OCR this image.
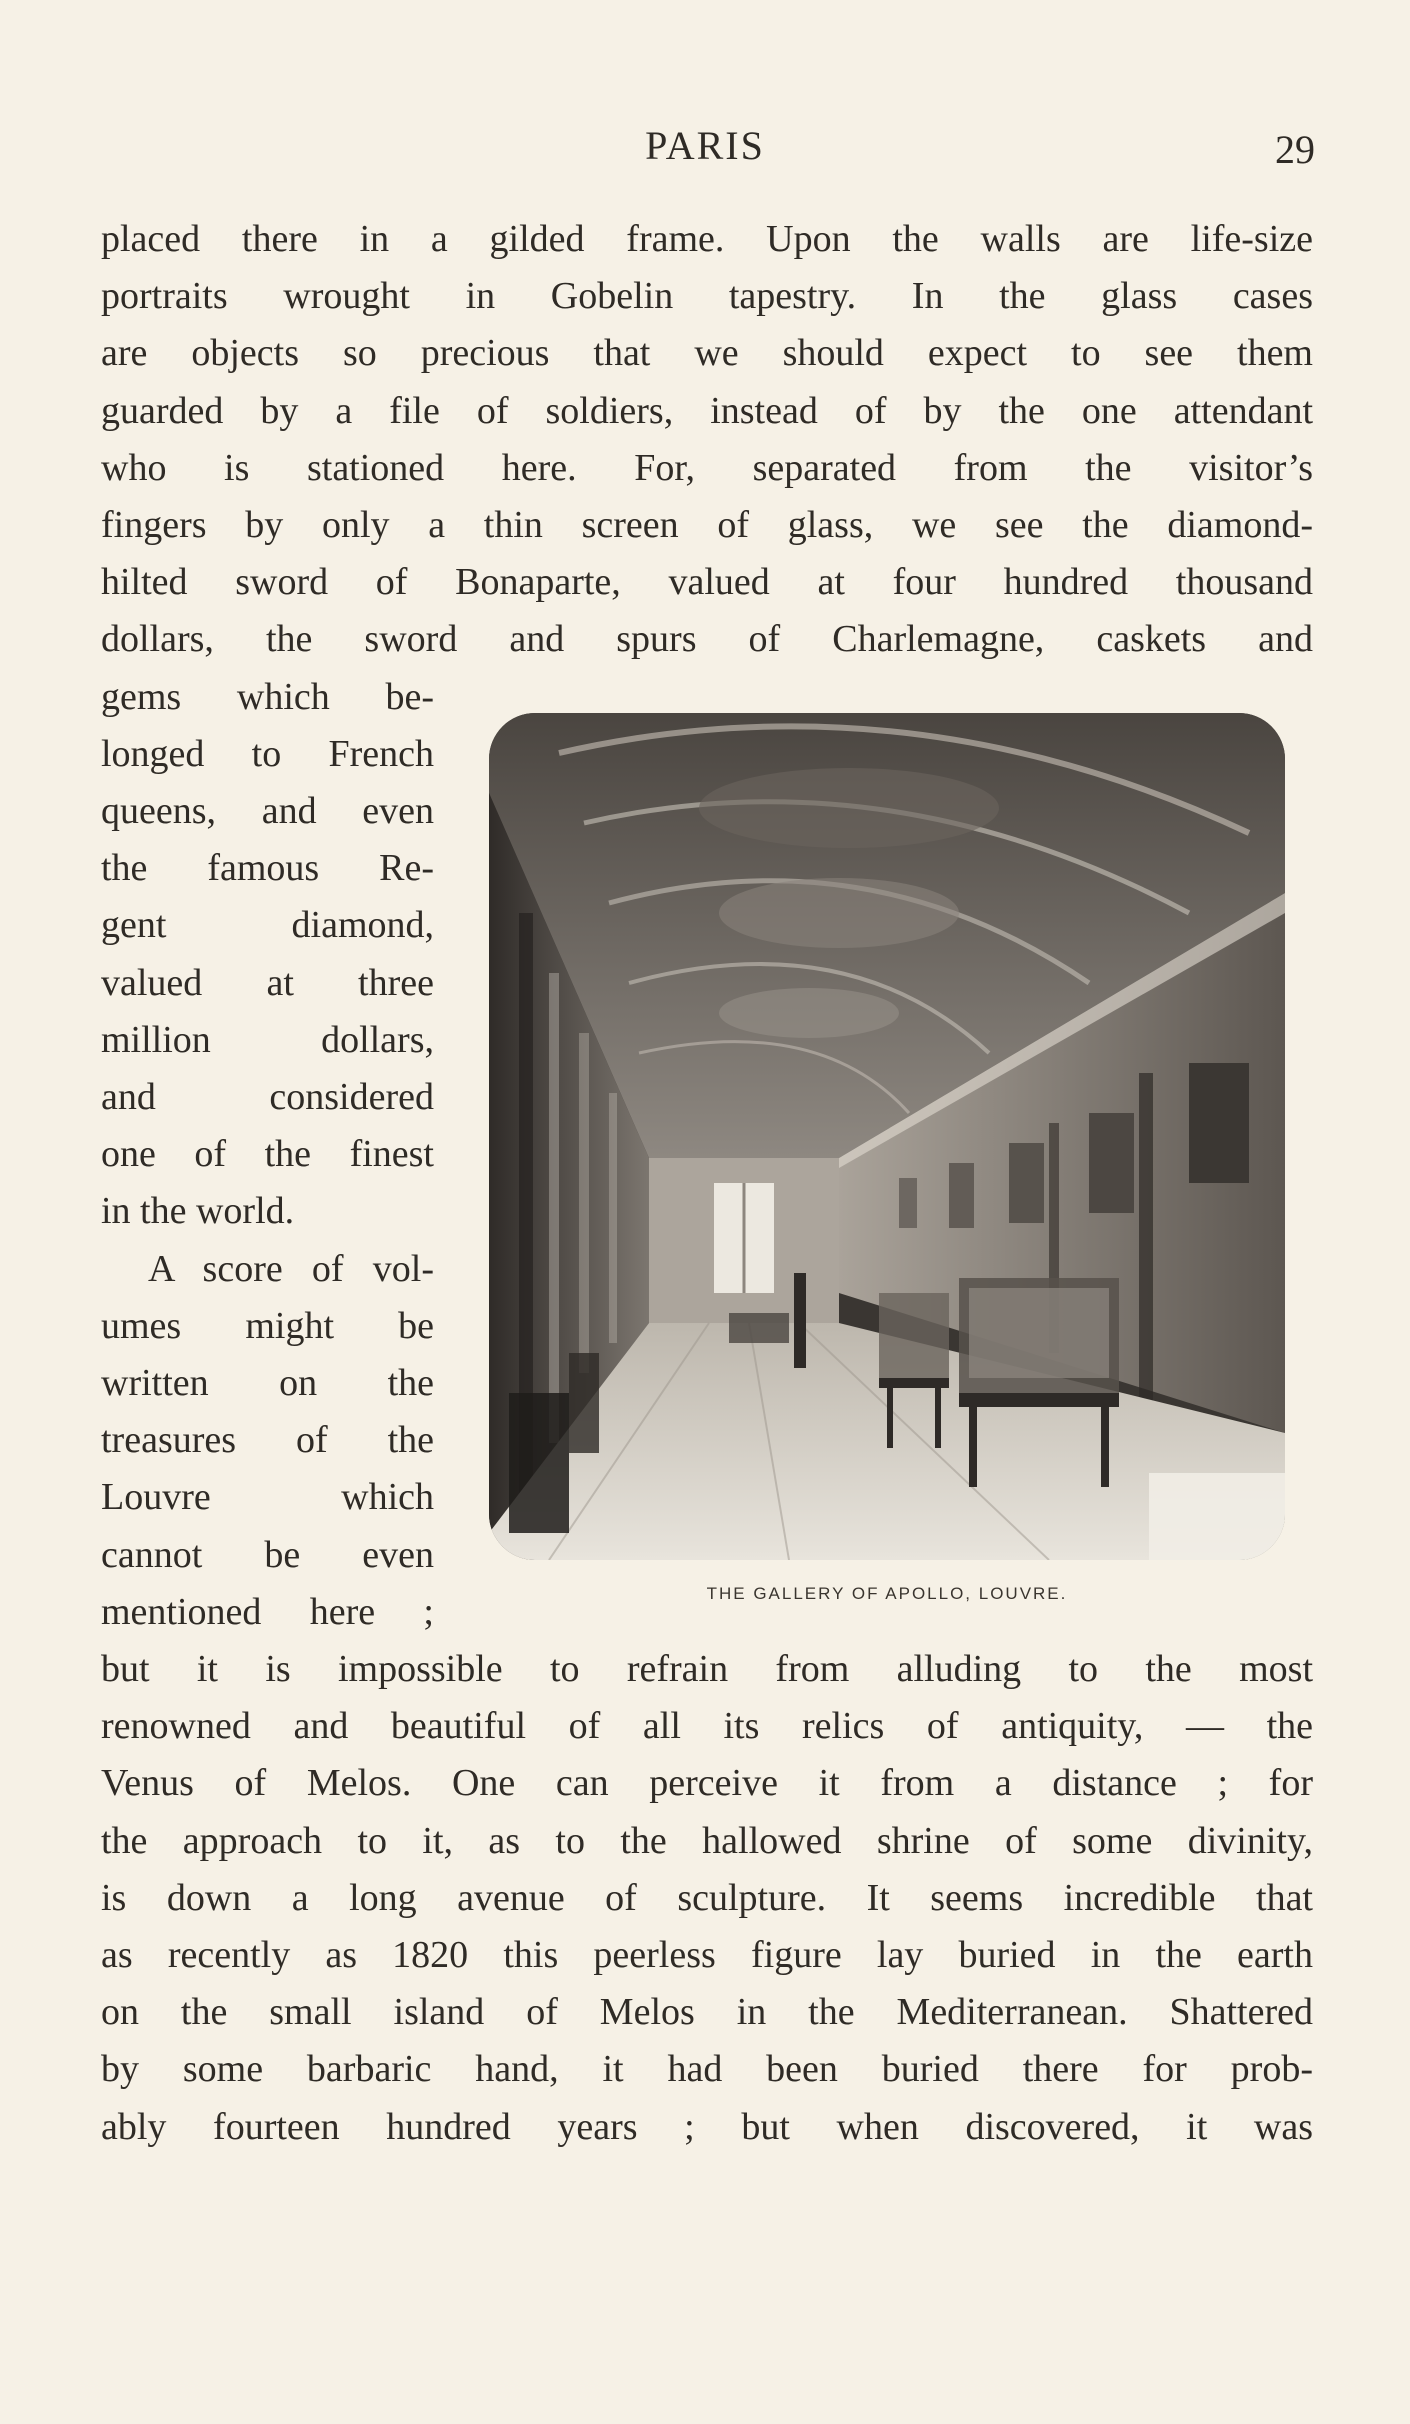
PARIS	29
placed there in a gilded frame. Upon the walls are life-size
portraits wrought in Gobelin tapestry. In the glass cases
are objects so precious that we should expect to see them
guarded by a file of soldiers, instead of by the one attendant
who is stationed here. For, separated from the visitor’s
fingers by only a thin screen of glass, we see the diamond-
hilted sword of Bonaparte, valued at four hundred thousand
dollars, the sword and spurs of Charlemagne, caskets and
gems which be-
longed to French
queens, and even
the famous Re-
gent diamond,
valued at three
million dollars,
and considered
one of the finest
in the world.
A score of vol-
umes might be
written on the
treasures of the
Louvre which
cannot be even
mentioned here ;
but it is impossible to refrain from alluding to the most
renowned and beautiful of all its relics of antiquity, — the
Venus of Melos. One can perceive it from a distance ; for
the approach to it, as to the hallowed shrine of some divinity,
is down a long avenue of sculpture. It seems incredible that
as recently as 1820 this peerless figure lay buried in the earth
on the small island of Melos in the Mediterranean. Shattered
by some barbaric hand, it had been buried there for prob-
ably fourteen hundred years ; but when discovered, it was
THE GALLERY OF APOLLO, LOUVRE.
